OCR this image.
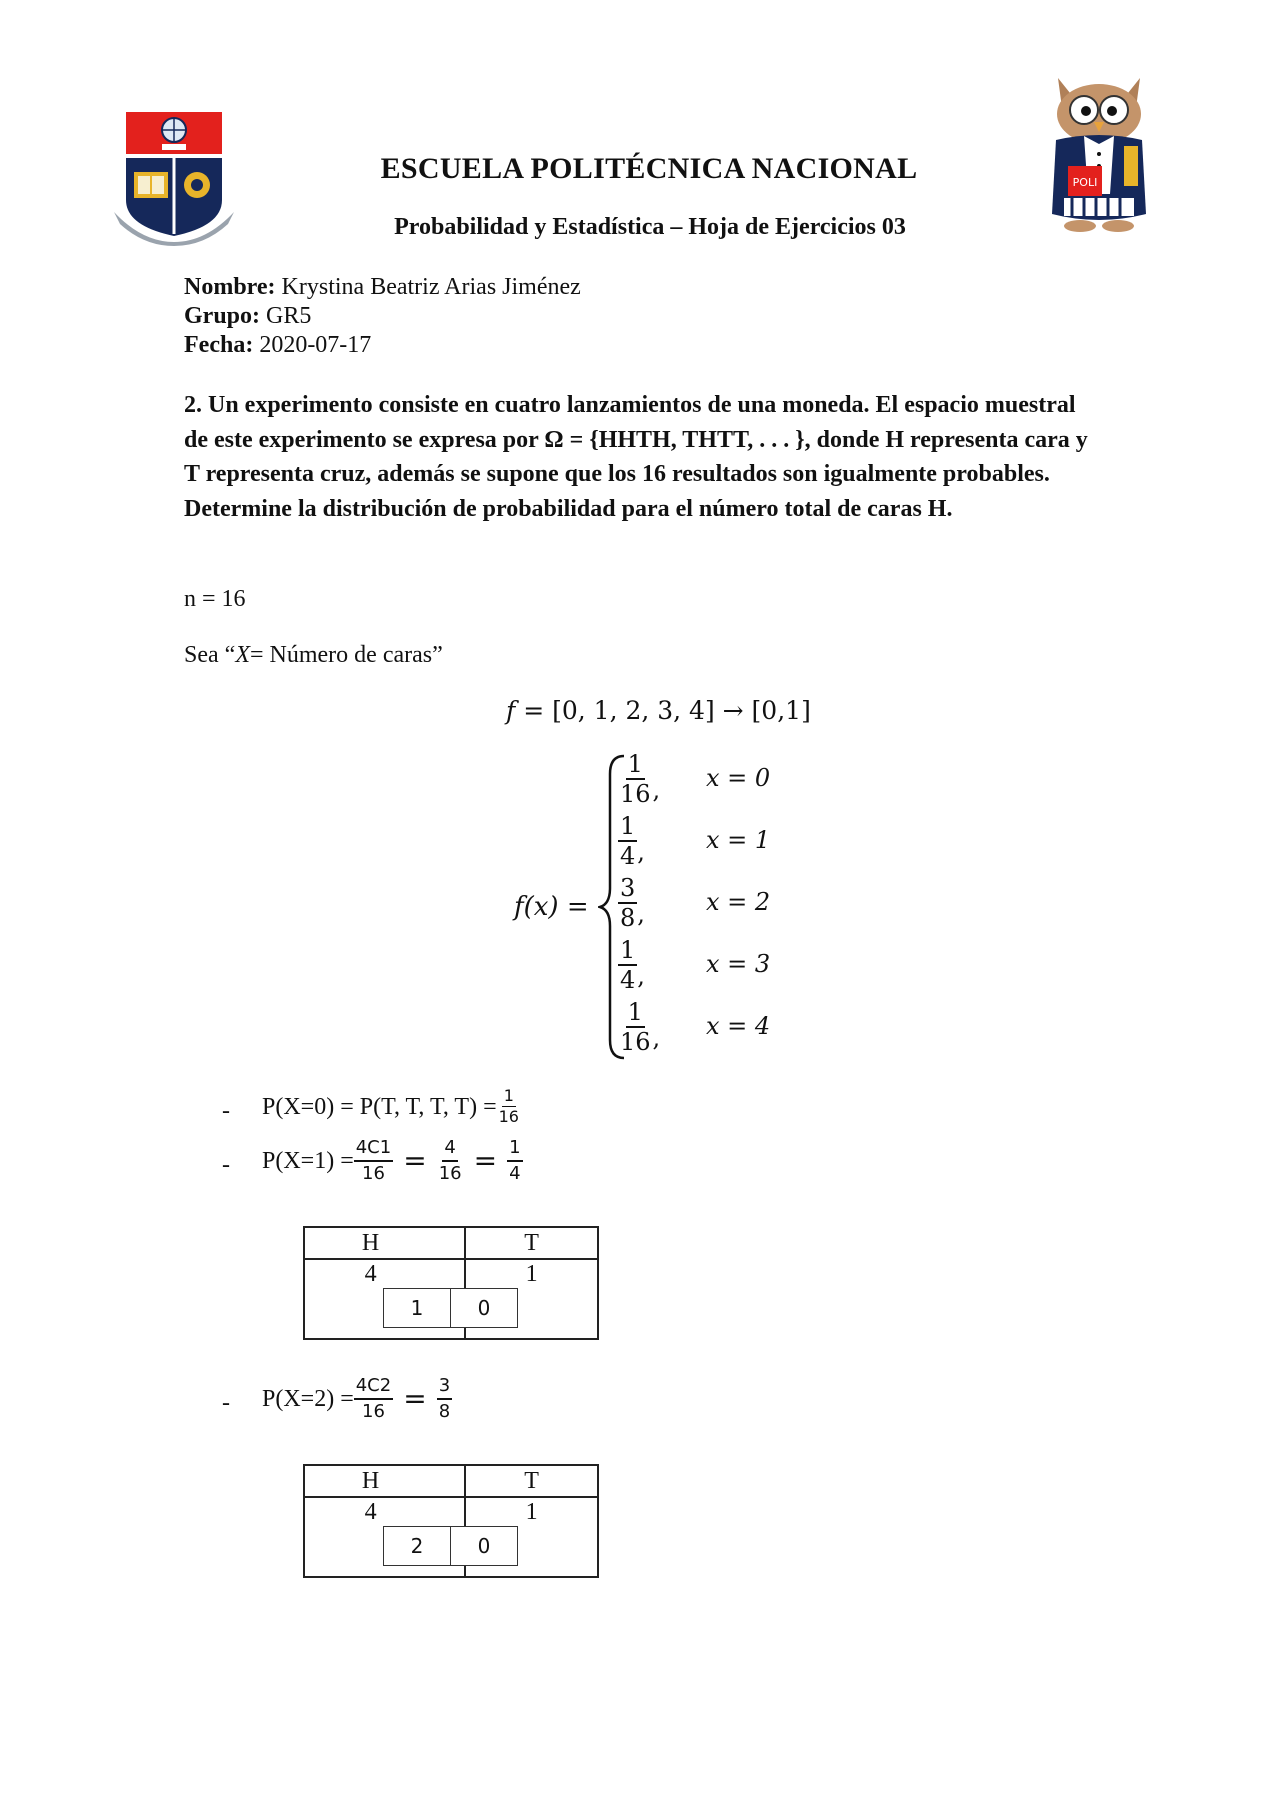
POLI
ESCUELA POLITÉCNICA NACIONAL
Probabilidad y Estadística – Hoja de Ejercicios 03
Nombre: Krystina Beatriz Arias Jiménez
Grupo: GR5
Fecha: 2020-07-17
2. Un experimento consiste en cuatro lanzamientos de una moneda. El espacio muestral de este experimento se expresa por Ω = {HHTH, THTT, . . . }, donde H representa cara y T representa cruz, además se supone que los 16 resultados son igualmente probables. Determine la distribución de probabilidad para el número total de caras H.
n = 16
Sea “X= Número de caras”
f = [0, 1, 2, 3, 4] → [0,1]
f(x) =
$\frac{1}{16}$ , x = 0
$\frac{1}{4}$ ,	x = 1
$\frac{3}{8}$ ,	x = 2
$\frac{1}{4}$ ,	x = 3
$\frac{1}{16}$ , x = 4
- P(X=0) = P(T, T, T, $T) = \frac{1}{16}$
- $P(X=1) = \frac{4C1}{16} = \frac{4}{16} = \frac{1}{4}$
H	T
4	1
1	0
- $P(X=2) = \frac{4C2}{16} = \frac{3}{8}$
H	T
4	1
2	0
